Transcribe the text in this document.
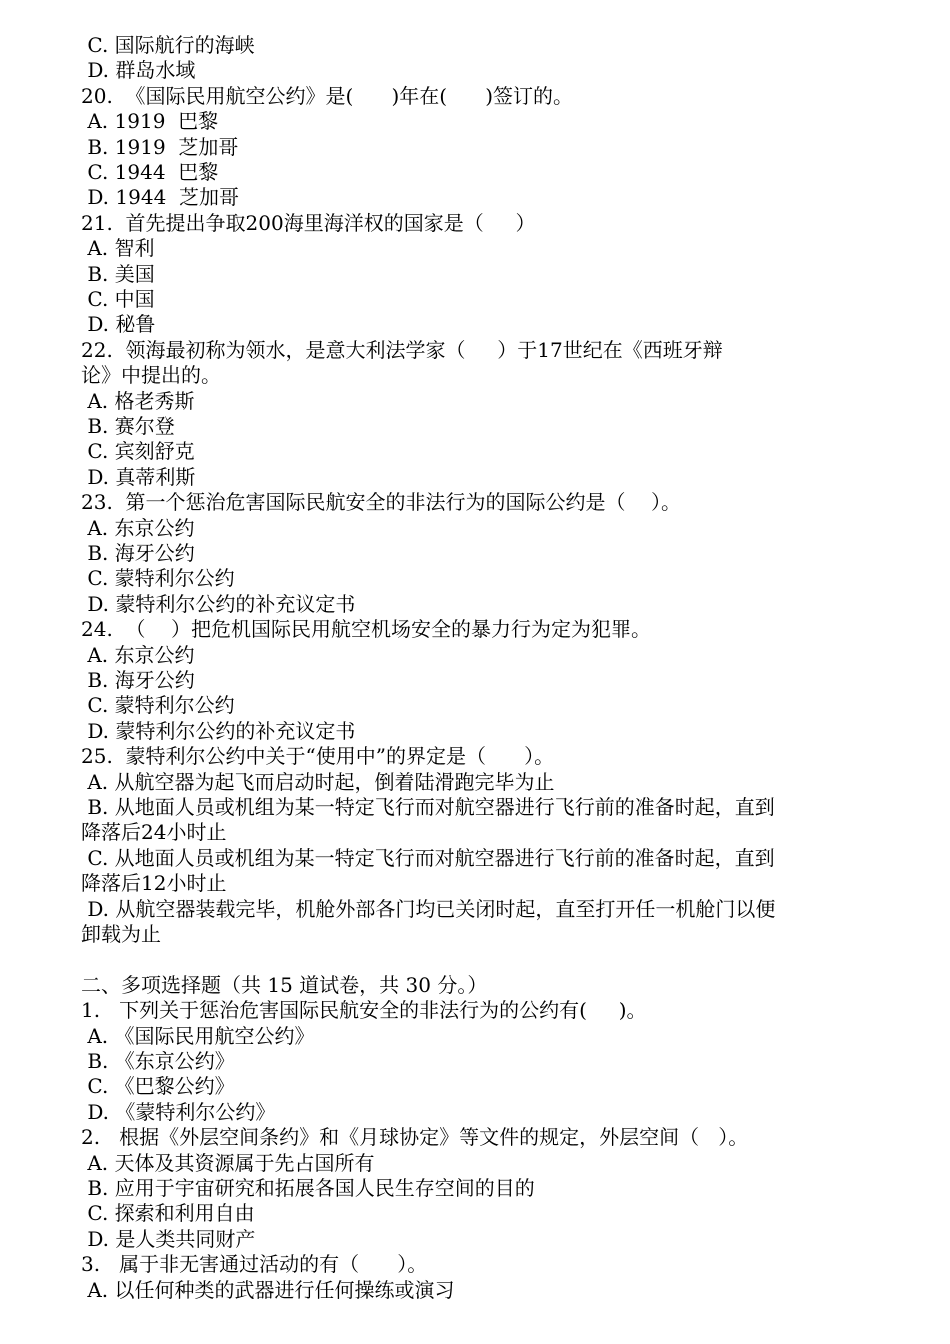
C. 国际航行的海峡
D. 群岛水域
20.  《国际民用航空公约》是(      )年在(      )签订的。
A. 1919  巴黎
B. 1919  芝加哥
C. 1944  巴黎
D. 1944  芝加哥
21.  首先提出争取200海里海洋权的国家是（     ）
A. 智利
B. 美国
C. 中国
D. 秘鲁
22.  领海最初称为领水，是意大利法学家（     ）于17世纪在《西班牙辩
论》中提出的。
A. 格老秀斯
B. 赛尔登
C. 宾刻舒克
D. 真蒂利斯
23.  第一个惩治危害国际民航安全的非法行为的国际公约是（    ）。
A. 东京公约
B. 海牙公约
C. 蒙特利尔公约
D. 蒙特利尔公约的补充议定书
24.  （    ）把危机国际民用航空机场安全的暴力行为定为犯罪。
A. 东京公约
B. 海牙公约
C. 蒙特利尔公约
D. 蒙特利尔公约的补充议定书
25.  蒙特利尔公约中关于“使用中”的界定是（      ）。
A. 从航空器为起飞而启动时起，倒着陆滑跑完毕为止
B. 从地面人员或机组为某一特定飞行而对航空器进行飞行前的准备时起，直到
降落后24小时止
C. 从地面人员或机组为某一特定飞行而对航空器进行飞行前的准备时起，直到
降落后12小时止
D. 从航空器装载完毕，机舱外部各门均已关闭时起，直至打开任一机舱门以便
卸载为止
二、多项选择题（共 15 道试卷，共 30 分。）
1.   下列关于惩治危害国际民航安全的非法行为的公约有(     )。
A. 《国际民用航空公约》
B. 《东京公约》
C. 《巴黎公约》
D. 《蒙特利尔公约》
2.   根据《外层空间条约》和《月球协定》等文件的规定，外层空间（   ）。
A. 天体及其资源属于先占国所有
B. 应用于宇宙研究和拓展各国人民生存空间的目的
C. 探索和利用自由
D. 是人类共同财产
3.   属于非无害通过活动的有（      ）。
A. 以任何种类的武器进行任何操练或演习
